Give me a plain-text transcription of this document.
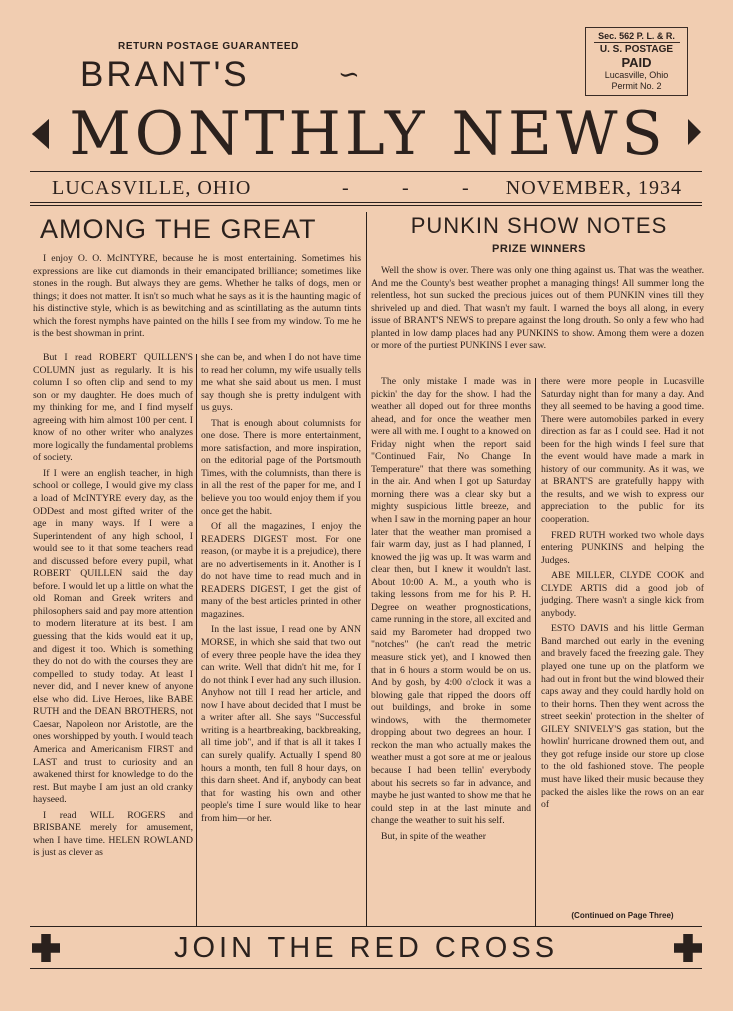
RETURN POSTAGE GUARANTEED
BRANT'S	∽
Sec. 562 P. L. & R.
U. S. POSTAGE
PAID
Lucasville, Ohio
Permit No. 2
MONTHLY NEWS
LUCASVILLE, OHIO	-	-	- NOVEMBER, 1934
AMONG THE GREAT	PUNKIN SHOW NOTES
PRIZE WINNERS

I enjoy O. O. McINTYRE, because he is most entertaining. Sometimes his expressions are like cut diamonds in their emancipated brilliance; sometimes like stones in the rough. But always they are gems. Whether he talks of dogs, men or things; it does not matter. It isn't so much what he says as it is the haunting magic of his distinctive style, which is as bewitching and as scintillating as the autumn tints which the forest nymphs have painted on the hills I see from my window. To me he is the best showman in print.

But I read ROBERT QUILLEN'S COLUMN just as regularly. It is his column I so often clip and send to my son or my daughter. He does much of my thinking for me, and I find myself agreeing with him almost 100 per cent. I know of no other writer who analyzes more logically the fundamental problems of society.

If I were an english teacher, in high school or college, I would give my class a load of McINTYRE every day, as the ODDest and most gifted writer of the age in many ways. If I were a Superintendent of any high school, I would see to it that some teachers read and discussed before every pupil, what ROBERT QUILLEN said the day before. I would let up a little on what the old Roman and Greek writers and philosophers said and pay more attention to modern literature at its best. I am guessing that the kids would eat it up, and digest it too. Which is something they do not do with the courses they are compelled to study today. At least I never did, and I never knew of anyone else who did. Live Heroes, like BABE RUTH and the DEAN BROTHERS, not Caesar, Napoleon nor Aristotle, are the ones worshipped by youth. I would teach America and Americanism FIRST and LAST and trust to curiosity and an awakened thirst for knowledge to do the rest. But maybe I am just an old cranky hayseed.

I read WILL ROGERS and BRISBANE merely for amusement, when I have time. HELEN ROWLAND is just as clever as

she can be, and when I do not have time to read her column, my wife usually tells me what she said about us men. I must say though she is pretty indulgent with us guys.

That is enough about columnists for one dose. There is more entertainment, more satisfaction, and more inspiration, on the editorial page of the Portsmouth Times, with the columnists, than there is in all the rest of the paper for me, and I believe you too would enjoy them if you once get the habit.

Of all the magazines, I enjoy the READERS DIGEST most. For one reason, (or maybe it is a prejudice), there are no advertisements in it. Another is I do not have time to read much and in READERS DIGEST, I get the gist of many of the best articles printed in other magazines.

In the last issue, I read one by ANN MORSE, in which she said that two out of every three people have the idea they can write. Well that didn't hit me, for I do not think I ever had any such illusion. Anyhow not till I read her article, and now I have about decided that I must be a writer after all. She says "Successful writing is a heartbreaking, backbreaking, all time job", and if that is all it takes I can surely qualify. Actually I spend 80 hours a month, ten full 8 hour days, on this darn sheet. And if, anybody can beat that for wasting his own and other people's time I sure would like to hear from him—or her.

Well the show is over. There was only one thing against us. That was the weather. And me the County's best weather prophet a managing things! All summer long the relentless, hot sun sucked the precious juices out of them PUNKIN vines till they shriveled up and died. That wasn't my fault. I warned the boys all along, in every issue of BRANT'S NEWS to prepare against the long drouth. So only a few who had planted in low damp places had any PUNKINS to show. Among them were a dozen or more of the purtiest PUNKINS I ever saw.

The only mistake I made was in pickin' the day for the show. I had the weather all doped out for three months ahead, and for once the weather men were all with me. I ought to a knowed on Friday night when the report said "Continued Fair, No Change In Temperature" that there was something in the air. And when I got up Saturday morning there was a clear sky but a mighty suspicious little breeze, and when I saw in the morning paper an hour later that the weather man promised a fair warm day, just as I had planned, I knowed the jig was up. It was warm and clear then, but I knew it wouldn't last. About 10:00 A. M., a youth who is taking lessons from me for his P. H. Degree on weather prognostications, came running in the store, all excited and said my Barometer had dropped two "notches" (he can't read the metric measure stick yet), and I knowed then that in 6 hours a storm would be on us. And by gosh, by 4:00 o'clock it was a blowing gale that ripped the doors off out buildings, and broke in some windows, with the thermometer dropping about two degrees an hour. I reckon the man who actually makes the weather must a got sore at me or jealous because I had been tellin' everybody about his secrets so far in advance, and maybe he just wanted to show me that he could step in at the last minute and change the weather to suit his self.

But, in spite of the weather

there were more people in Lucasville Saturday night than for many a day. And they all seemed to be having a good time. There were automobiles parked in every direction as far as I could see. Had it not been for the high winds I feel sure that the event would have made a mark in history of our community. As it was, we at BRANT'S are gratefully happy with the results, and we wish to express our appreciation to the public for its cooperation.

FRED RUTH worked two whole days entering PUNKINS and helping the Judges.

ABE MILLER, CLYDE COOK and CLYDE ARTIS did a good job of judging. There wasn't a single kick from anybody.

ESTO DAVIS and his little German Band marched out early in the evening and bravely faced the freezing gale. They played one tune up on the platform we had out in front but the wind blowed their caps away and they could hardly hold on to their horns. Then they went across the street seekin' protection in the shelter of GILEY SNIVELY'S gas station, but the howlin' hurricane drowned them out, and they got refuge inside our store up close to the old fashioned stove. The people must have liked their music because they packed the aisles like the rows on an ear of

(Continued on Page Three)
JOIN THE RED CROSS
